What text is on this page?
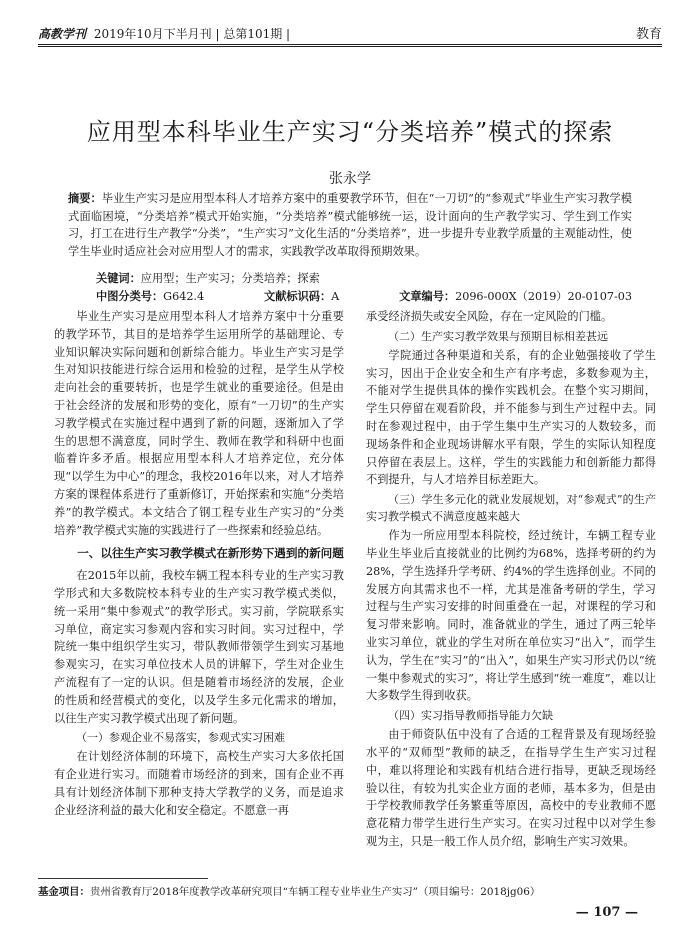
高教学刊 2019年10月下半月刊 | 总第101期 |	教育
应用型本科毕业生产实习“分类培养”模式的探索
张永学
摘要：毕业生产实习是应用型本科人才培养方案中的重要教学环节，但在“一刀切”的“参观式”毕业生产实习教学模式面临困境，“分类培养”模式开始实施，“分类培养”模式能够统一运，设计面向的生产教学实习、学生到工作实习，打工在进行生产教学“分类”，“生产实习”文化生活的“分类培养”，进一步提升专业教学质量的主观能动性，使学生毕业时适应社会对应用型人才的需求，实践教学改革取得预期效果。
关键词：应用型；生产实习；分类培养；探索
中图分类号：G642.4	文献标识码：A	文章编号：2096-000X（2019）20-0107-03

毕业生产实习是应用型本科人才培养方案中十分重要的教学环节，其目的是培养学生运用所学的基础理论、专业知识解决实际问题和创新综合能力。毕业生产实习是学生对知识技能进行综合运用和检验的过程，是学生从学校走向社会的重要转折，也是学生就业的重要途径。但是由于社会经济的发展和形势的变化，原有“一刀切”的生产实习教学模式在实施过程中遇到了新的问题，逐渐加入了学生的思想不满意度，同时学生、教师在教学和科研中也面临着许多矛盾。根据应用型本科人才培养定位，充分体现“以学生为中心”的理念，我校2016年以来，对人才培养方案的课程体系进行了重新修订，开始探索和实施“分类培养”的教学模式。本文结合了钢工程专业生产实习的“分类培养”教学模式实施的实践进行了一些探索和经验总结。

一、以往生产实习教学模式在新形势下遇到的新问题

在2015年以前，我校车辆工程本科专业的生产实习教学形式和大多数院校本科专业的生产实习教学模式类似，统一采用“集中参观式”的教学形式。实习前，学院联系实习单位，商定实习参观内容和实习时间。实习过程中，学院统一集中组织学生实习，带队教师带领学生到实习基地参观实习，在实习单位技术人员的讲解下，学生对企业生产流程有了一定的认识。但是随着市场经济的发展，企业的性质和经营模式的变化，以及学生多元化需求的增加，以往生产实习教学模式出现了新问题。

（一）参观企业不易落实，参观式实习困难

在计划经济体制的环境下，高校生产实习大多依托国有企业进行实习。而随着市场经济的到来，国有企业不再具有计划经济体制下那种支持大学教学的义务，而是追求企业经济利益的最大化和安全稳定。不愿意一再

承受经济损失或安全风险，存在一定风险的门槛。

（二）生产实习教学效果与预期目标相差甚远

学院通过各种渠道和关系，有的企业勉强接收了学生实习，因出于企业安全和生产有序考虑，多数参观为主，不能对学生提供具体的操作实践机会。在整个实习期间，学生只停留在观看阶段，并不能参与到生产过程中去。同时在参观过程中，由于学生集中生产实习的人数较多，而现场条件和企业现场讲解水平有限，学生的实际认知程度只停留在表层上。这样，学生的实践能力和创新能力都得不到提升，与人才培养目标差距大。

（三）学生多元化的就业发展规划，对“参观式”的生产实习教学模式不满意度越来越大

作为一所应用型本科院校，经过统计，车辆工程专业毕业生毕业后直接就业的比例约为68%，选择考研的约为28%，学生选择升学考研、约4%的学生选择创业。不同的发展方向其需求也不一样，尤其是准备考研的学生，学习过程与生产实习安排的时间重叠在一起，对课程的学习和复习带来影响。同时，准备就业的学生，通过了两三轮毕业实习单位，就业的学生对所在单位实习“出入”，而学生认为，学生在“实习”的“出入”，如果生产实习形式仍以“统一集中参观式的实习”，将让学生感到“统一难度”，难以让大多数学生得到收获。

（四）实习指导教师指导能力欠缺

由于师资队伍中没有了合适的工程背景及有现场经验水平的“双师型”教师的缺乏，在指导学生生产实习过程中，难以将理论和实践有机结合进行指导，更缺乏现场经验以往，有较为扎实企业方面的老师，基本多为，但是由于学校教师教学任务繁重等原因，高校中的专业教师不愿意花精力带学生进行生产实习。在实习过程中以对学生参观为主，只是一般工作人员介绍，影响生产实习效果。

基金项目：贵州省教育厅2018年度教学改革研究项目“车辆工程专业毕业生产实习”（项目编号：2018jg06）
— 107 —
